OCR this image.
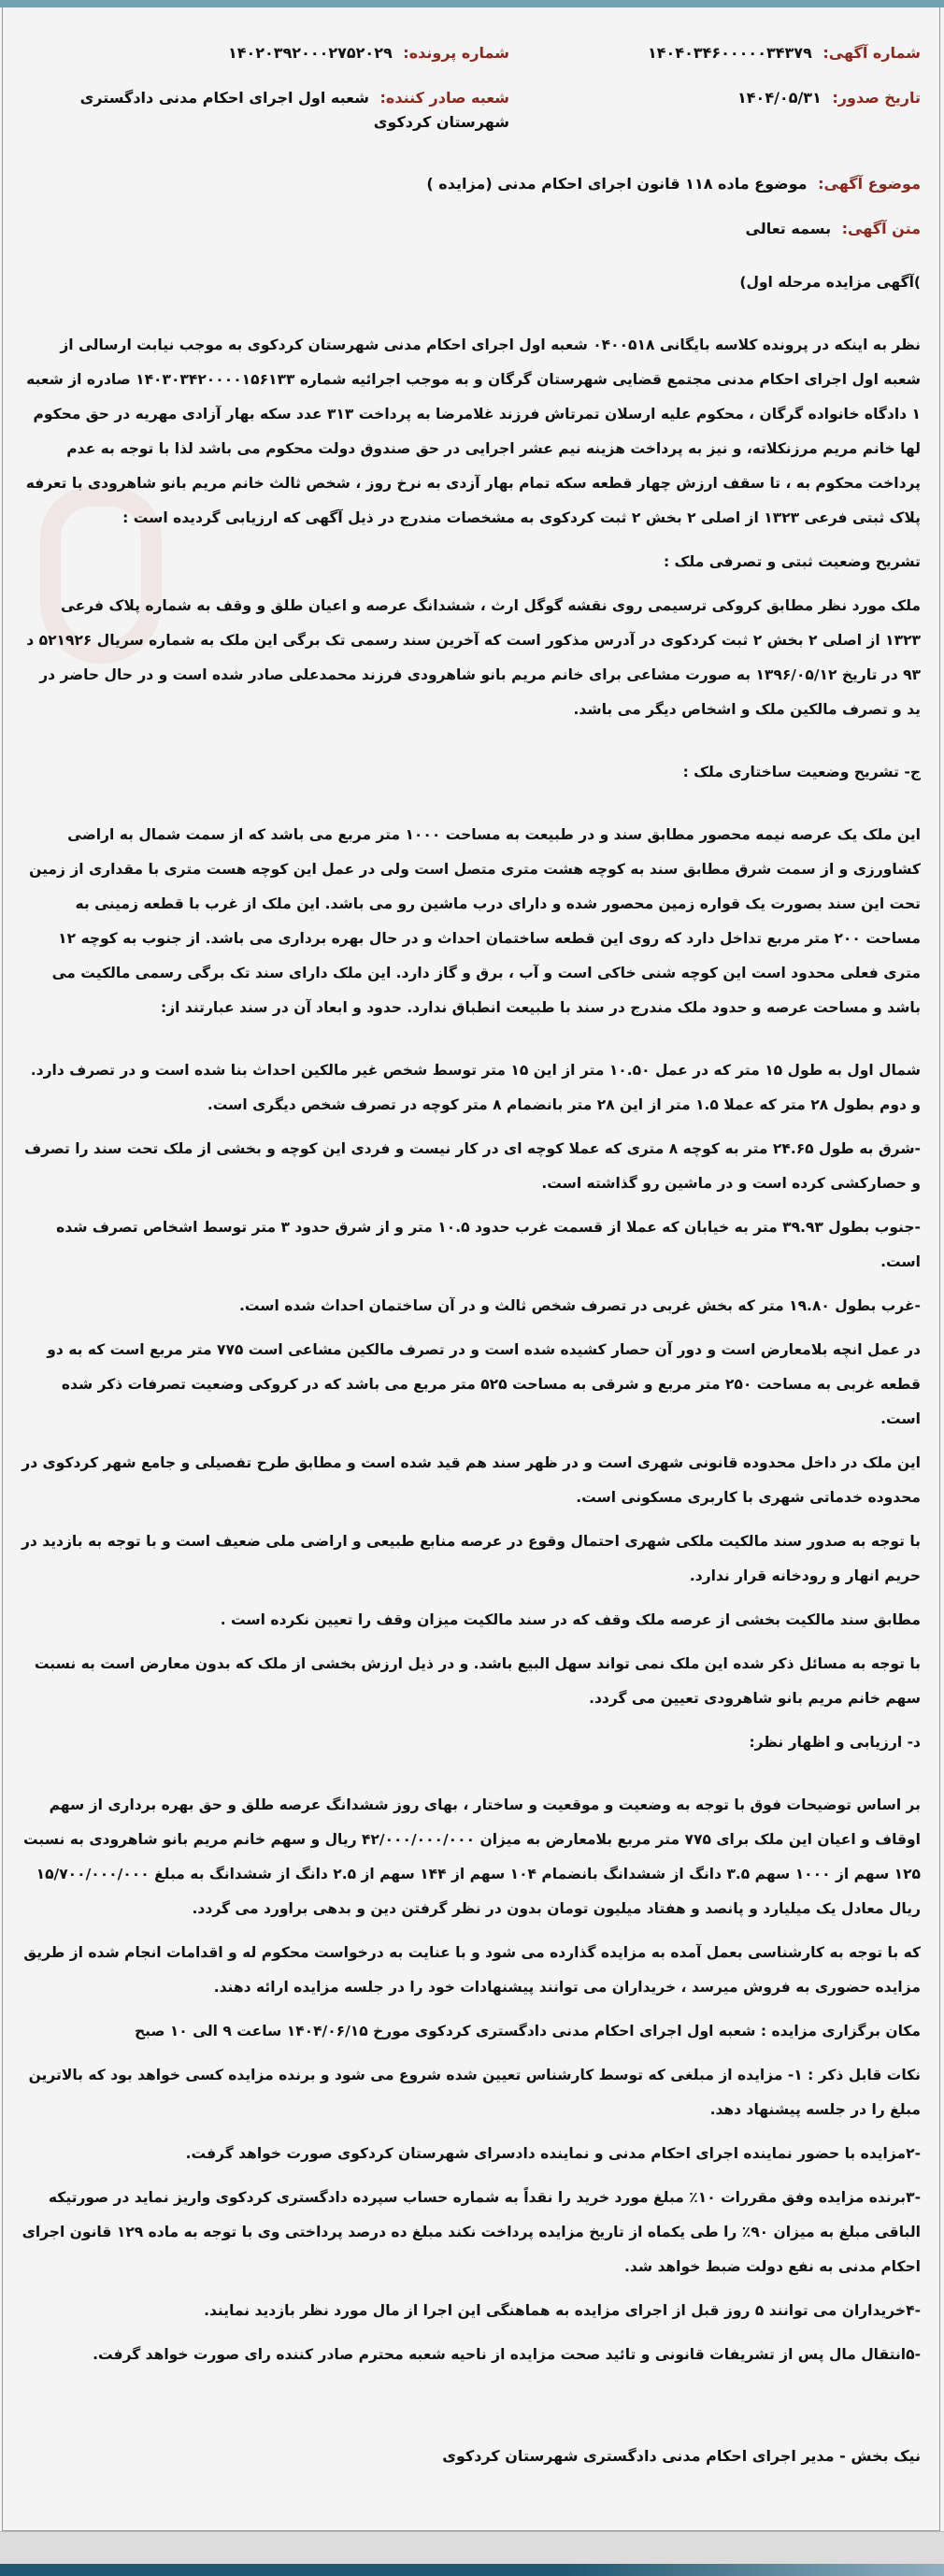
شماره آگهی: ۱۴۰۴۰۳۴۶۰۰۰۰۰۳۴۳۷۹
شماره پرونده: ۱۴۰۲۰۳۹۲۰۰۰۲۷۵۲۰۲۹
تاریخ صدور: ۱۴۰۴/۰۵/۳۱
شعبه صادر کننده: شعبه اول اجرای احکام مدنی دادگستری شهرستان کردکوی
موضوع آگهی: موضوع ماده ۱۱۸ قانون اجرای احکام مدنی (مزایده )
متن آگهی: بسمه تعالی

)آگهی مزایده مرحله اول)

نظر به اینکه در پرونده کلاسه بایگانی ۰۴۰۰۵۱۸ شعبه اول اجرای احکام مدنی شهرستان کردکوی به موجب نیابت ارسالی از شعبه اول اجرای احکام مدنی مجتمع قضایی شهرستان گرگان و به موجب اجرائیه شماره ۱۴۰۳۰۳۴۲۰۰۰۰۱۵۶۱۳۳ صادره از شعبه ۱ دادگاه خانواده گرگان ، محکوم علیه ارسلان تمرتاش فرزند غلامرضا به پرداخت ۳۱۳ عدد سکه بهار آزادی مهریه در حق محکوم لها خانم مریم مرزنکلاته، و نیز به پرداخت هزینه نیم عشر اجرایی در حق صندوق دولت محکوم می باشد لذا با توجه به عدم پرداخت محکوم به ، تا سقف ارزش چهار قطعه سکه تمام بهار آزدی به نرخ روز ، شخص ثالث خانم مریم بانو شاهرودی با تعرفه پلاک ثبتی فرعی ۱۳۲۳ از اصلی ۲ بخش ۲ ثبت کردکوی به مشخصات مندرج در ذیل آگهی که ارزیابی گردیده است :

تشریح وضعیت ثبتی و تصرفی ملک :

ملک مورد نظر مطابق کروکی ترسیمی روی نقشه گوگل ارث ، ششدانگ عرصه و اعیان طلق و وقف به شماره پلاک فرعی ۱۳۲۳ از اصلی ۲ بخش ۲ ثبت کردکوی در آدرس مذکور است که آخرین سند رسمی تک برگی این ملک به شماره سریال ۵۲۱۹۲۶ د ۹۳ در تاریخ ۱۳۹۶/۰۵/۱۲ به صورت مشاعی برای خانم مریم بانو شاهرودی فرزند محمدعلی صادر شده است و در حال حاضر در ید و تصرف مالکین ملک و اشخاص دیگر می باشد.

ج- تشریح وضعیت ساختاری ملک :

این ملک یک عرصه نیمه محصور مطابق سند و در طبیعت به مساحت ۱۰۰۰ متر مربع می باشد که از سمت شمال به اراضی کشاورزی و از سمت شرق مطابق سند به کوچه هشت متری متصل است ولی در عمل این کوچه هست متری با مقداری از زمین تحت این سند بصورت یک قواره زمین محصور شده و دارای درب ماشین رو می باشد. این ملک از غرب با قطعه زمینی به مساحت ۲۰۰ متر مربع تداخل دارد که روی این قطعه ساختمان احداث و در حال بهره برداری می باشد. از جنوب به کوچه ۱۲ متری فعلی محدود است این کوچه شنی خاکی است و آب ، برق و گاز دارد. این ملک دارای سند تک برگی رسمی مالکیت می باشد و مساحت عرصه و حدود ملک مندرج در سند با طبیعت انطباق ندارد. حدود و ابعاد آن در سند عبارتند از:

شمال اول به طول ۱۵ متر که در عمل ۱۰.۵۰ متر از این ۱۵ متر توسط شخص غیر مالکین احداث بنا شده است و در تصرف دارد. و دوم بطول ۲۸ متر که عملا ۱.۵ متر از این ۲۸ متر بانضمام ۸ متر کوچه در تصرف شخص دیگری است.

-شرق به طول ۲۴.۶۵ متر به کوچه ۸ متری که عملا کوچه ای در کار نیست و فردی این کوچه و بخشی از ملک تحت سند را تصرف و حصارکشی کرده است و در ماشین رو گذاشته است.

-جنوب بطول ۳۹.۹۳ متر به خیابان که عملا از قسمت غرب حدود ۱۰.۵ متر و از شرق حدود ۳ متر توسط اشخاص تصرف شده است.

-غرب بطول ۱۹.۸۰ متر که بخش غربی در تصرف شخص ثالث و در آن ساختمان احداث شده است.

در عمل انچه بلامعارض است و دور آن حصار کشیده شده است و در تصرف مالکین مشاعی است ۷۷۵ متر مربع است که به دو قطعه غربی به مساحت ۲۵۰ متر مربع و شرقی به مساحت ۵۲۵ متر مربع می باشد که در کروکی وضعیت تصرفات ذکر شده است.

این ملک در داخل محدوده قانونی شهری است و در ظهر سند هم قید شده است و مطابق طرح تفصیلی و جامع شهر کردکوی در محدوده خدماتی شهری با کاربری مسکونی است.

با توجه به صدور سند مالکیت ملکی شهری احتمال وقوع در عرصه منابع طبیعی و اراضی ملی ضعیف است و با توجه به بازدید در حریم انهار و رودخانه قرار ندارد.

مطابق سند مالکیت بخشی از عرصه ملک وقف که در سند مالکیت میزان وقف را تعیین نکرده است .

با توجه به مسائل ذکر شده این ملک نمی تواند سهل البیع باشد. و در ذیل ارزش بخشی از ملک که بدون معارض است به نسبت سهم خانم مریم بانو شاهرودی تعیین می گردد.

د- ارزیابی و اظهار نظر:

بر اساس توضیحات فوق با توجه به وضعیت و موقعیت و ساختار ، بهای روز ششدانگ عرصه طلق و حق بهره برداری از سهم اوقاف و اعیان این ملک برای ۷۷۵ متر مربع بلامعارض به میزان ۴۲/۰۰۰/۰۰۰/۰۰۰ ریال و سهم خانم مریم بانو شاهرودی به نسبت ۱۲۵ سهم از ۱۰۰۰ سهم ۳.۵ دانگ از ششدانگ بانضمام ۱۰۴ سهم از ۱۴۴ سهم از ۲.۵ دانگ از ششدانگ به مبلغ ۱۵/۷۰۰/۰۰۰/۰۰۰ ریال معادل یک میلیارد و پانصد و هفتاد میلیون تومان بدون در نظر گرفتن دین و بدهی براورد می گردد.

که با توجه به کارشناسی بعمل آمده به مزایده گذارده می شود و با عنایت به درخواست محکوم له و اقدامات انجام شده از طریق مزایده حضوری به فروش میرسد ، خریداران می توانند پیشنهادات خود را در جلسه مزایده ارائه دهند.

مکان برگزاری مزایده : شعبه اول اجرای احکام مدنی دادگستری کردکوی مورخ ۱۴۰۴/۰۶/۱۵ ساعت ۹ الی ۱۰ صبح

نکات قابل ذکر : ۱- مزایده از مبلغی که توسط کارشناس تعیین شده شروع می شود و برنده مزایده کسی خواهد بود که بالاترین مبلغ را در جلسه پیشنهاد دهد.

-۲مزایده با حضور نماینده اجرای احکام مدنی و نماینده دادسرای شهرستان کردکوی صورت خواهد گرفت.

-۳برنده مزایده وفق مقررات ۱۰٪ مبلغ مورد خرید را نقداً به شماره حساب سپرده دادگستری کردکوی واریز نماید در صورتیکه الباقی مبلغ به میزان ۹۰٪ را طی یکماه از تاریخ مزایده پرداخت نکند مبلغ ده درصد پرداختی وی با توجه به ماده ۱۲۹ قانون اجرای احکام مدنی به نفع دولت ضبط خواهد شد.

-۴خریداران می توانند ۵ روز قبل از اجرای مزایده به هماهنگی این اجرا از مال مورد نظر بازدید نمایند.

-۵انتقال مال پس از تشریفات قانونی و تائید صحت مزایده از ناحیه شعبه محترم صادر کننده رای صورت خواهد گرفت.

نیک بخش - مدیر اجرای احکام مدنی دادگستری شهرستان کردکوی
